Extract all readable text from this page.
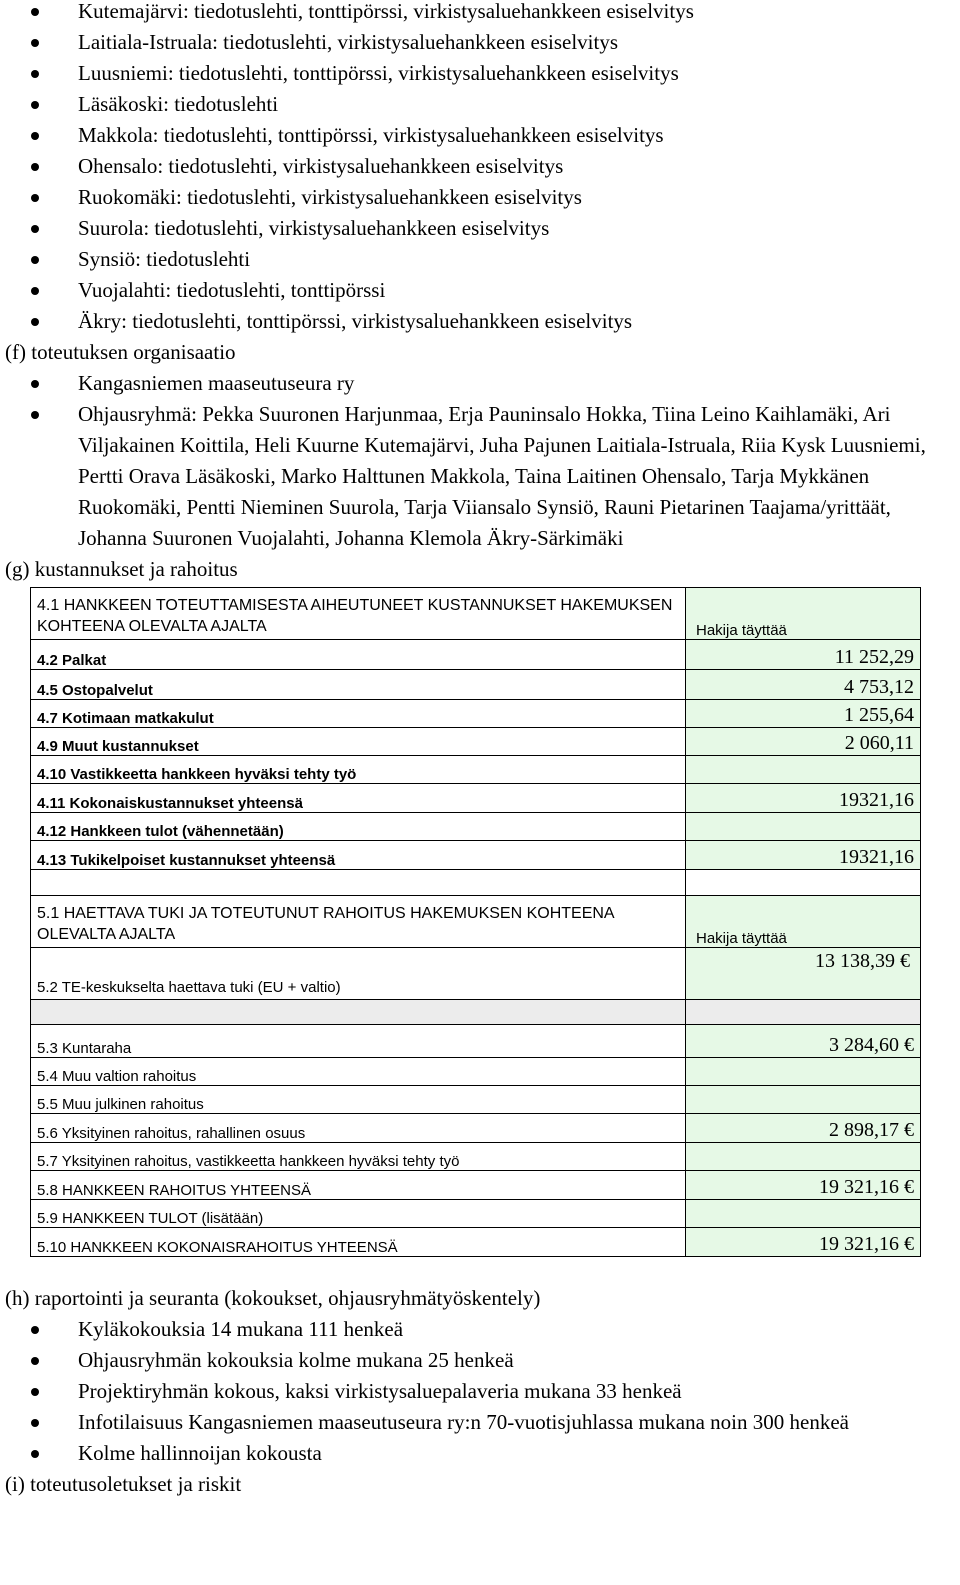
Kutemajärvi: tiedotuslehti, tonttipörssi, virkistysaluehankkeen esiselvitys
Laitiala-Istruala: tiedotuslehti, virkistysaluehankkeen esiselvitys
Luusniemi: tiedotuslehti, tonttipörssi, virkistysaluehankkeen esiselvitys
Läsäkoski: tiedotuslehti
Makkola: tiedotuslehti, tonttipörssi, virkistysaluehankkeen esiselvitys
Ohensalo: tiedotuslehti, virkistysaluehankkeen esiselvitys
Ruokomäki: tiedotuslehti, virkistysaluehankkeen esiselvitys
Suurola: tiedotuslehti, virkistysaluehankkeen esiselvitys
Synsiö: tiedotuslehti
Vuojalahti: tiedotuslehti, tonttipörssi
Äkry: tiedotuslehti, tonttipörssi, virkistysaluehankkeen esiselvitys
(f) toteutuksen organisaatio
Kangasniemen maaseutuseura ry
Ohjausryhmä: Pekka Suuronen Harjunmaa, Erja Pauninsalo Hokka, Tiina Leino Kaihlamäki, Ari Viljakainen Koittila, Heli Kuurne Kutemajärvi, Juha Pajunen Laitiala-Istruala, Riia Kysk Luusniemi, Pertti Orava Läsäkoski, Marko Halttunen Makkola, Taina Laitinen Ohensalo, Tarja Mykkänen Ruokomäki, Pentti Nieminen Suurola, Tarja Viiansalo Synsiö, Rauni Pietarinen Taajama/yrittäät, Johanna Suuronen Vuojalahti, Johanna Klemola Äkry-Särkimäki
(g) kustannukset ja rahoitus
4.1 HANKKEEN TOTEUTTAMISESTA AIHEUTUNEET KUSTANNUKSET HAKEMUKSEN KOHTEENA OLEVALTA AJALTA	Hakija täyttää
4.2 Palkat	11 252,29
4.5 Ostopalvelut	4 753,12
4.7 Kotimaan matkakulut	1 255,64
4.9 Muut kustannukset	2 060,11
4.10 Vastikkeetta hankkeen hyväksi tehty työ	
4.11 Kokonaiskustannukset yhteensä	19321,16
4.12 Hankkeen tulot (vähennetään)	
4.13 Tukikelpoiset kustannukset yhteensä	19321,16

5.1 HAETTAVA TUKI JA TOTEUTUNUT RAHOITUS HAKEMUKSEN KOHTEENA OLEVALTA AJALTA	Hakija täyttää
5.2 TE-keskukselta haettava tuki (EU + valtio)	13 138,39 €

5.3 Kuntaraha	3 284,60 €
5.4 Muu valtion rahoitus	
5.5 Muu julkinen rahoitus	
5.6 Yksityinen rahoitus, rahallinen osuus	2 898,17 €
5.7 Yksityinen rahoitus, vastikkeetta hankkeen hyväksi tehty työ	
5.8 HANKKEEN RAHOITUS YHTEENSÄ	19 321,16 €
5.9 HANKKEEN TULOT (lisätään)	
5.10 HANKKEEN KOKONAISRAHOITUS YHTEENSÄ	19 321,16 €
(h) raportointi ja seuranta (kokoukset, ohjausryhmätyöskentely)
Kyläkokouksia 14 mukana 111 henkeä
Ohjausryhmän kokouksia kolme mukana 25 henkeä
Projektiryhmän kokous, kaksi virkistysaluepalaveria mukana 33 henkeä
Infotilaisuus Kangasniemen maaseutuseura ry:n 70-vuotisjuhlassa mukana noin 300 henkeä
Kolme hallinnoijan kokousta
(i) toteutusoletukset ja riskit
